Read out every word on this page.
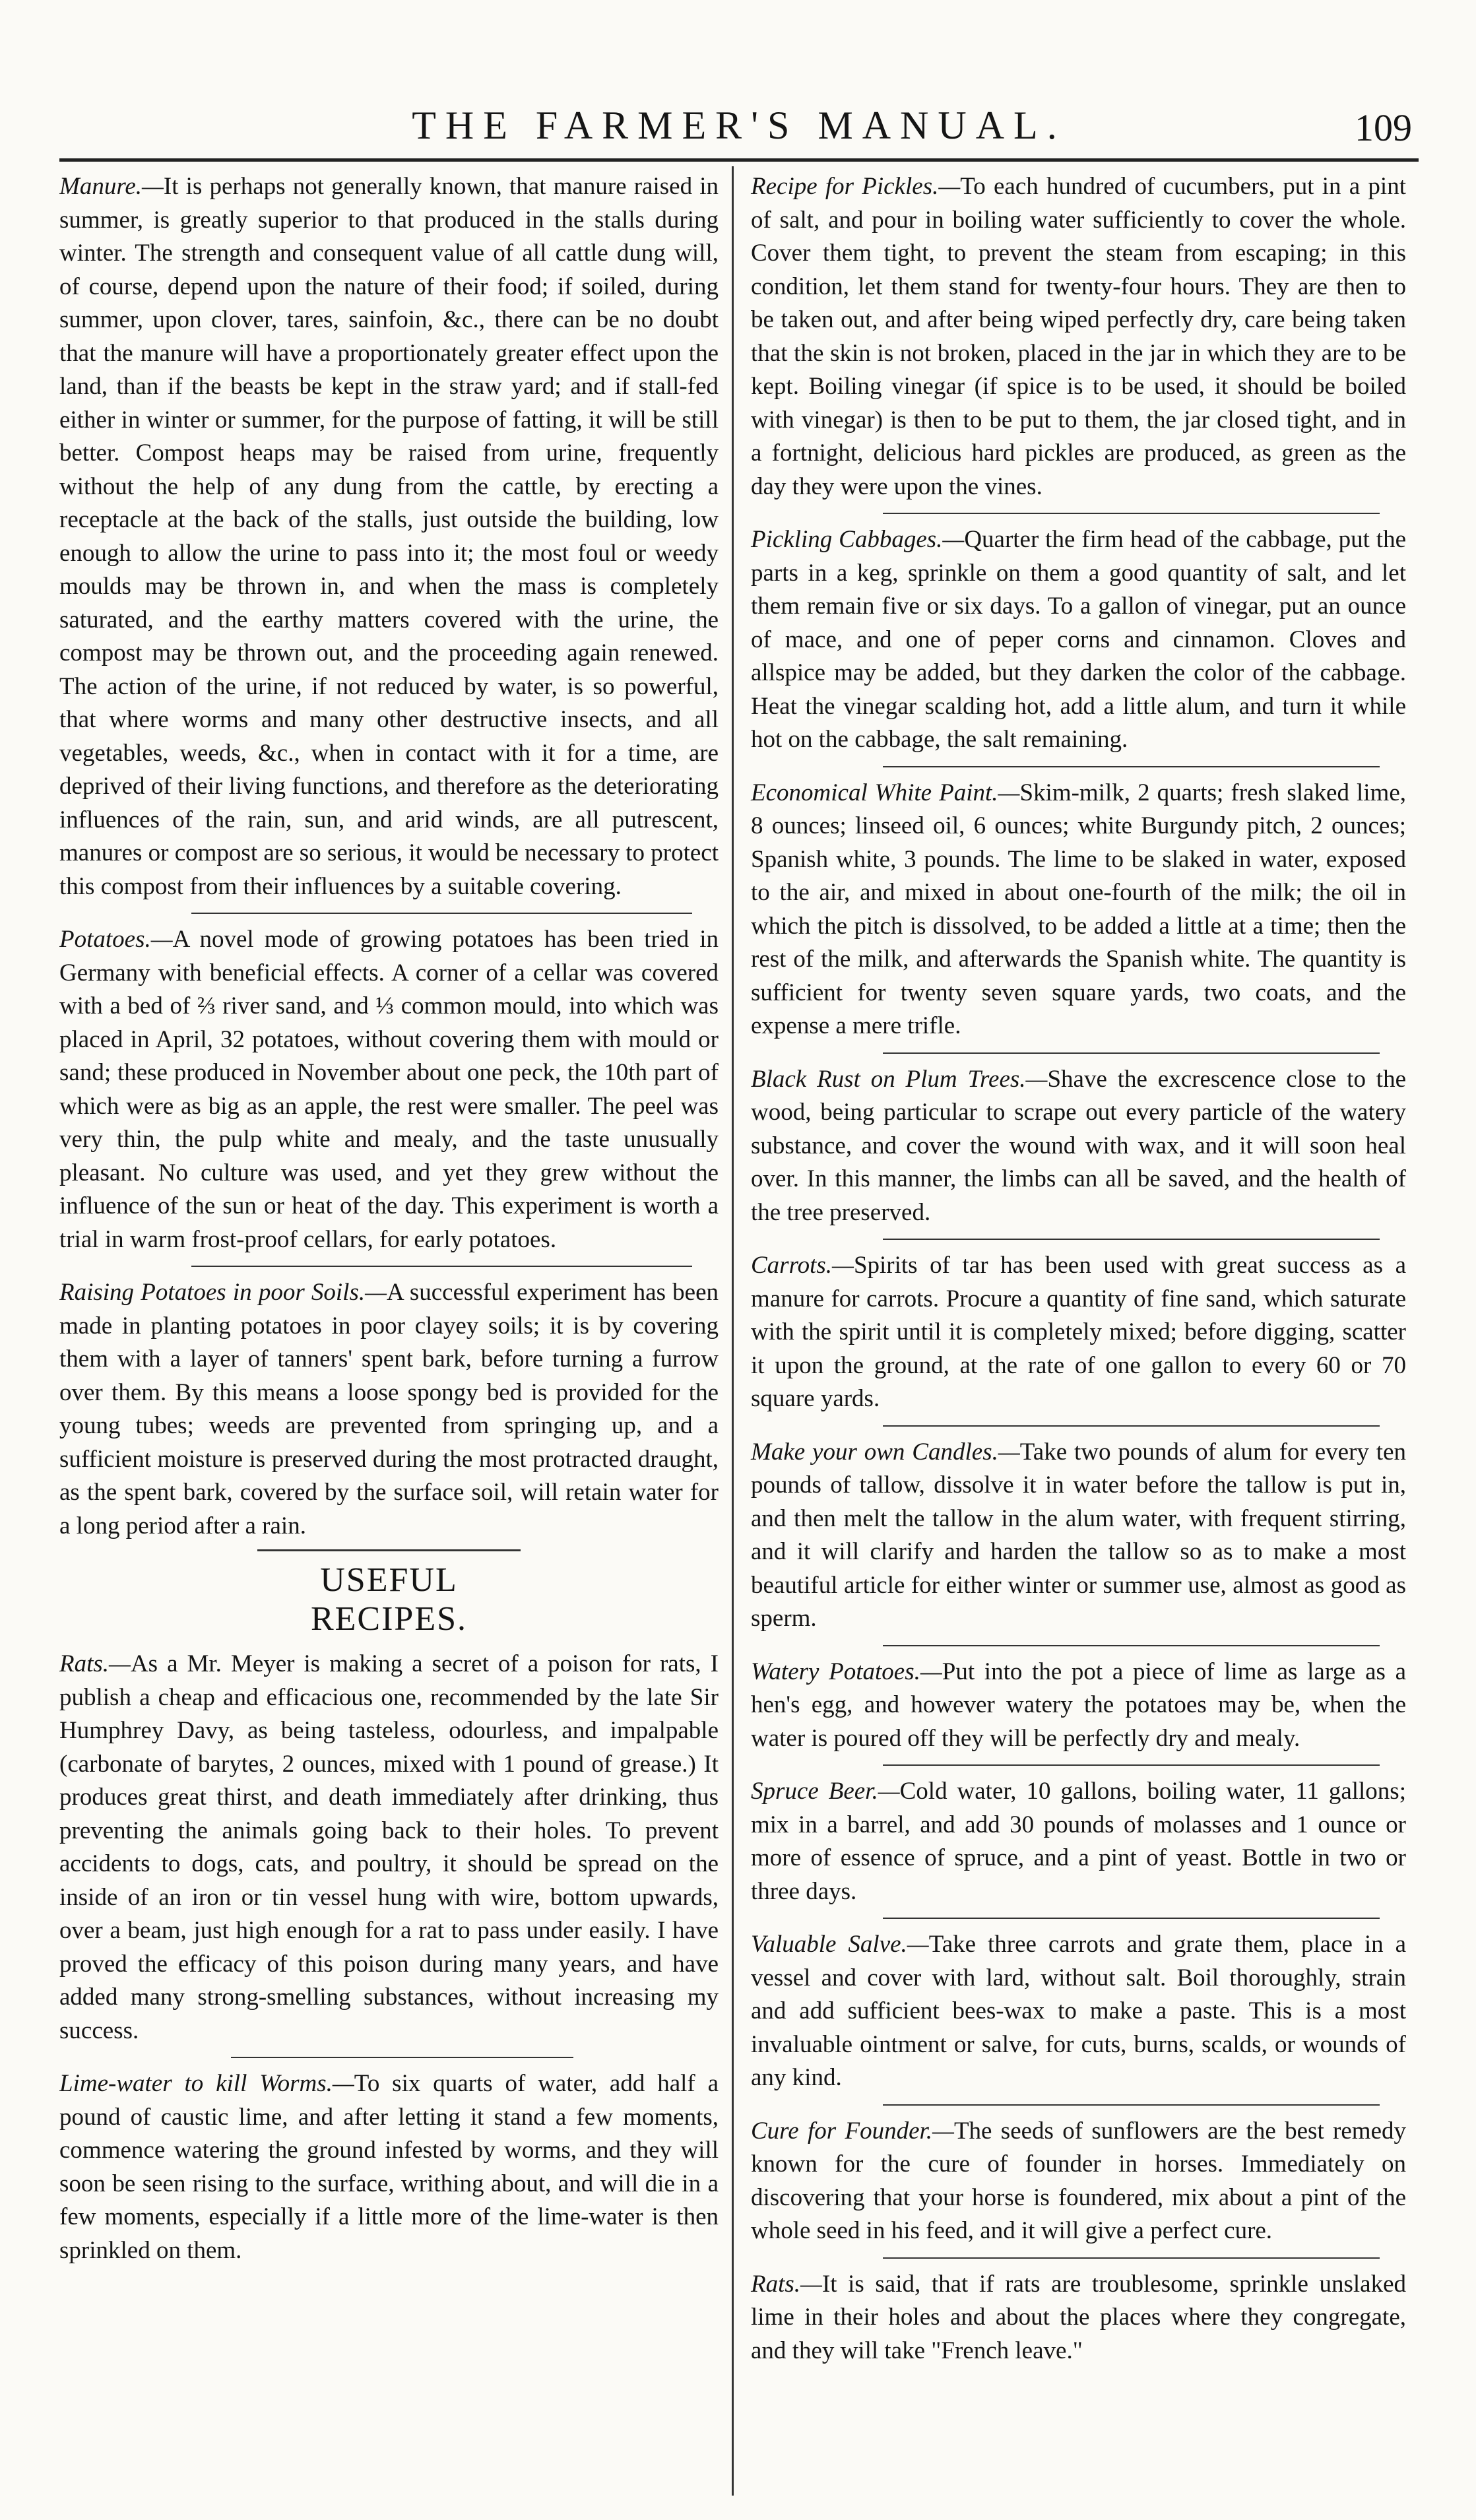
THE FARMER'S MANUAL.	109

Manure.—It is perhaps not generally known, that manure raised in summer, is greatly superior to that produced in the stalls during winter. The strength and consequent value of all cattle dung will, of course, depend upon the nature of their food; if soiled, during summer, upon clover, tares, sainfoin, &c., there can be no doubt that the manure will have a proportionately greater effect upon the land, than if the beasts be kept in the straw yard; and if stall-fed either in winter or summer, for the purpose of fatting, it will be still better. Compost heaps may be raised from urine, frequently without the help of any dung from the cattle, by erecting a receptacle at the back of the stalls, just outside the building, low enough to allow the urine to pass into it; the most foul or weedy moulds may be thrown in, and when the mass is completely saturated, and the earthy matters covered with the urine, the compost may be thrown out, and the proceeding again renewed. The action of the urine, if not reduced by water, is so powerful, that where worms and many other destructive insects, and all vegetables, weeds, &c., when in contact with it for a time, are deprived of their living functions, and therefore as the deteriorating influences of the rain, sun, and arid winds, are all putrescent, manures or compost are so serious, it would be necessary to protect this compost from their influences by a suitable covering.

Potatoes.—A novel mode of growing potatoes has been tried in Germany with beneficial effects. A corner of a cellar was covered with a bed of ⅔ river sand, and ⅓ common mould, into which was placed in April, 32 potatoes, without covering them with mould or sand; these produced in November about one peck, the 10th part of which were as big as an apple, the rest were smaller. The peel was very thin, the pulp white and mealy, and the taste unusually pleasant. No culture was used, and yet they grew without the influence of the sun or heat of the day. This experiment is worth a trial in warm frost-proof cellars, for early potatoes.

Raising Potatoes in poor Soils.—A successful experiment has been made in planting potatoes in poor clayey soils; it is by covering them with a layer of tanners' spent bark, before turning a furrow over them. By this means a loose spongy bed is provided for the young tubes; weeds are prevented from springing up, and a sufficient moisture is preserved during the most protracted draught, as the spent bark, covered by the surface soil, will retain water for a long period after a rain.

USEFUL RECIPES.

Rats.—As a Mr. Meyer is making a secret of a poison for rats, I publish a cheap and efficacious one, recommended by the late Sir Humphrey Davy, as being tasteless, odourless, and impalpable (carbonate of barytes, 2 ounces, mixed with 1 pound of grease.) It produces great thirst, and death immediately after drinking, thus preventing the animals going back to their holes. To prevent accidents to dogs, cats, and poultry, it should be spread on the inside of an iron or tin vessel hung with wire, bottom upwards, over a beam, just high enough for a rat to pass under easily. I have proved the efficacy of this poison during many years, and have added many strong-smelling substances, without increasing my success.

Lime-water to kill Worms.—To six quarts of water, add half a pound of caustic lime, and after letting it stand a few moments, commence watering the ground infested by worms, and they will soon be seen rising to the surface, writhing about, and will die in a few moments, especially if a little more of the lime-water is then sprinkled on them.

Recipe for Pickles.—To each hundred of cucumbers, put in a pint of salt, and pour in boiling water sufficiently to cover the whole. Cover them tight, to prevent the steam from escaping; in this condition, let them stand for twenty-four hours. They are then to be taken out, and after being wiped perfectly dry, care being taken that the skin is not broken, placed in the jar in which they are to be kept. Boiling vinegar (if spice is to be used, it should be boiled with vinegar) is then to be put to them, the jar closed tight, and in a fortnight, delicious hard pickles are produced, as green as the day they were upon the vines.

Pickling Cabbages.—Quarter the firm head of the cabbage, put the parts in a keg, sprinkle on them a good quantity of salt, and let them remain five or six days. To a gallon of vinegar, put an ounce of mace, and one of peper corns and cinnamon. Cloves and allspice may be added, but they darken the color of the cabbage. Heat the vinegar scalding hot, add a little alum, and turn it while hot on the cabbage, the salt remaining.

Economical White Paint.—Skim-milk, 2 quarts; fresh slaked lime, 8 ounces; linseed oil, 6 ounces; white Burgundy pitch, 2 ounces; Spanish white, 3 pounds. The lime to be slaked in water, exposed to the air, and mixed in about one-fourth of the milk; the oil in which the pitch is dissolved, to be added a little at a time; then the rest of the milk, and afterwards the Spanish white. The quantity is sufficient for twenty seven square yards, two coats, and the expense a mere trifle.

Black Rust on Plum Trees.—Shave the excrescence close to the wood, being particular to scrape out every particle of the watery substance, and cover the wound with wax, and it will soon heal over. In this manner, the limbs can all be saved, and the health of the tree preserved.

Carrots.—Spirits of tar has been used with great success as a manure for carrots. Procure a quantity of fine sand, which saturate with the spirit until it is completely mixed; before digging, scatter it upon the ground, at the rate of one gallon to every 60 or 70 square yards.

Make your own Candles.—Take two pounds of alum for every ten pounds of tallow, dissolve it in water before the tallow is put in, and then melt the tallow in the alum water, with frequent stirring, and it will clarify and harden the tallow so as to make a most beautiful article for either winter or summer use, almost as good as sperm.

Watery Potatoes.—Put into the pot a piece of lime as large as a hen's egg, and however watery the potatoes may be, when the water is poured off they will be perfectly dry and mealy.

Spruce Beer.—Cold water, 10 gallons, boiling water, 11 gallons; mix in a barrel, and add 30 pounds of molasses and 1 ounce or more of essence of spruce, and a pint of yeast. Bottle in two or three days.

Valuable Salve.—Take three carrots and grate them, place in a vessel and cover with lard, without salt. Boil thoroughly, strain and add sufficient bees-wax to make a paste. This is a most invaluable ointment or salve, for cuts, burns, scalds, or wounds of any kind.

Cure for Founder.—The seeds of sunflowers are the best remedy known for the cure of founder in horses. Immediately on discovering that your horse is foundered, mix about a pint of the whole seed in his feed, and it will give a perfect cure.

Rats.—It is said, that if rats are troublesome, sprinkle unslaked lime in their holes and about the places where they congregate, and they will take "French leave."
